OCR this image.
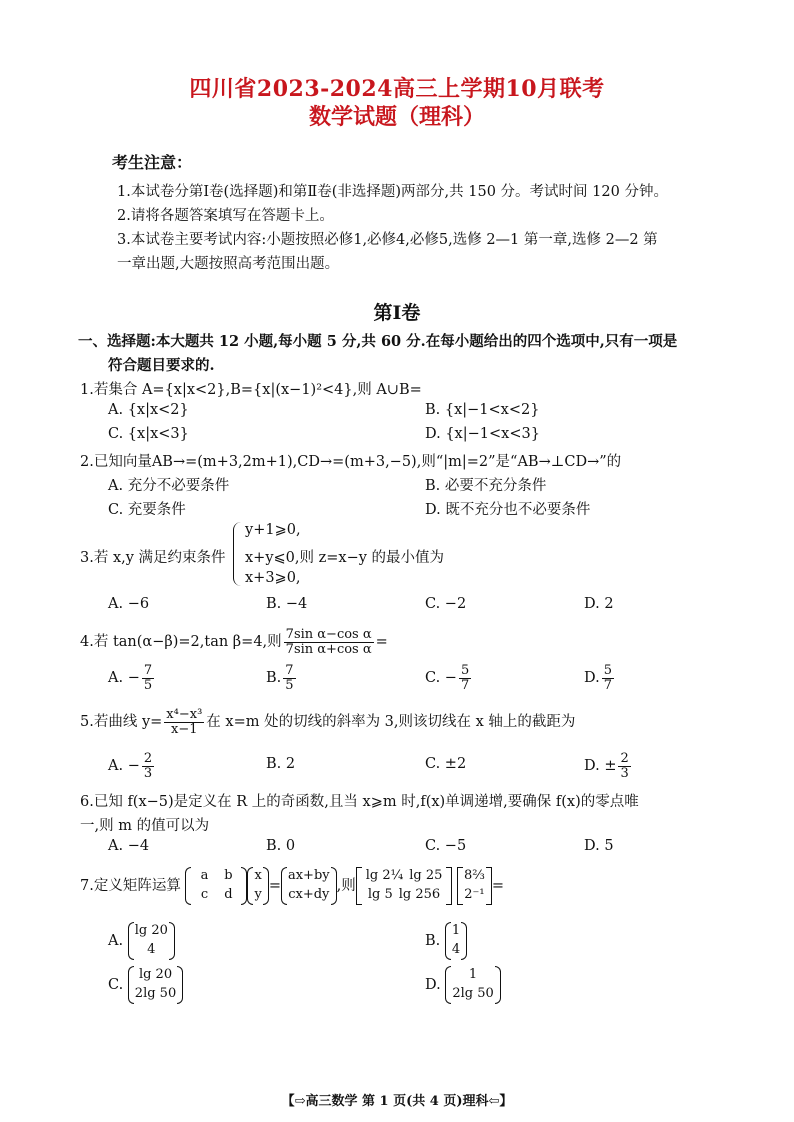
四川省2023-2024高三上学期10月联考
数学试题（理科）
考生注意：
1.本试卷分第Ⅰ卷(选择题)和第Ⅱ卷(非选择题)两部分,共 150 分。考试时间 120 分钟。
2.请将各题答案填写在答题卡上。
3.本试卷主要考试内容:小题按照必修1,必修4,必修5,选修 2—1 第一章,选修 2—2 第
一章出题,大题按照高考范围出题。
第Ⅰ卷
一、选择题:本大题共 12 小题,每小题 5 分,共 60 分.在每小题给出的四个选项中,只有一项是
符合题目要求的.
1.若集合 A={x|x<2},B={x|(x−1)²<4},则 A∪B=
A. {x|x<2}	B. {x|−1<x<2}
C. {x|x<3}	D. {x|−1<x<3}
2.已知向量AB→=(m+3,2m+1),CD→=(m+3,−5),则“|m|=2”是“AB→⊥CD→”的
A. 充分不必要条件	B. 必要不充分条件
C. 充要条件	D. 既不充分也不必要条件
3.若 x,y 满足约束条件
y+1⩾0,
x+y⩽0,则 z=x−y 的最小值为
x+3⩾0,
A. −6	B. −4	C. −2	D. 2
4.若 tan(α−β)=2,tan β=4,则 $\frac{\text{7sin α−cos α}}{\text{7sin α+cos α}}$ =
A. − $\frac{7}{5}$	B. $\frac{7}{5}$	C. − $\frac{5}{7}$	D. $\frac{5}{7}$
5.若曲线 $y= \frac{\text{x⁴−x³}}{x-1}$ 在 x=m 处的切线的斜率为 3,则该切线在 x 轴上的截距为
A. − $\frac{2}{3}$	B. 2	C. ±2	D. ± $\frac{2}{3}$
6.已知 f(x−5)是定义在 R 上的奇函数,且当 x⩾m 时,f(x)单调递增,要确保 f(x)的零点唯
一,则 m 的值可以为
A. −4	B. 0	C. −5	D. 5
7.定义矩阵运算
a b
c d
x
y
=
ax+by
cx+dy
,则
lg 2¼ lg 25
lg 5 lg 256

8⅔
2⁻¹
=
A.
lg 20
4
B.
1
4
C.
lg 20
2lg 50
D.
1
2lg 50
【⇨高三数学 第 1 页(共 4 页)理科⇦】
